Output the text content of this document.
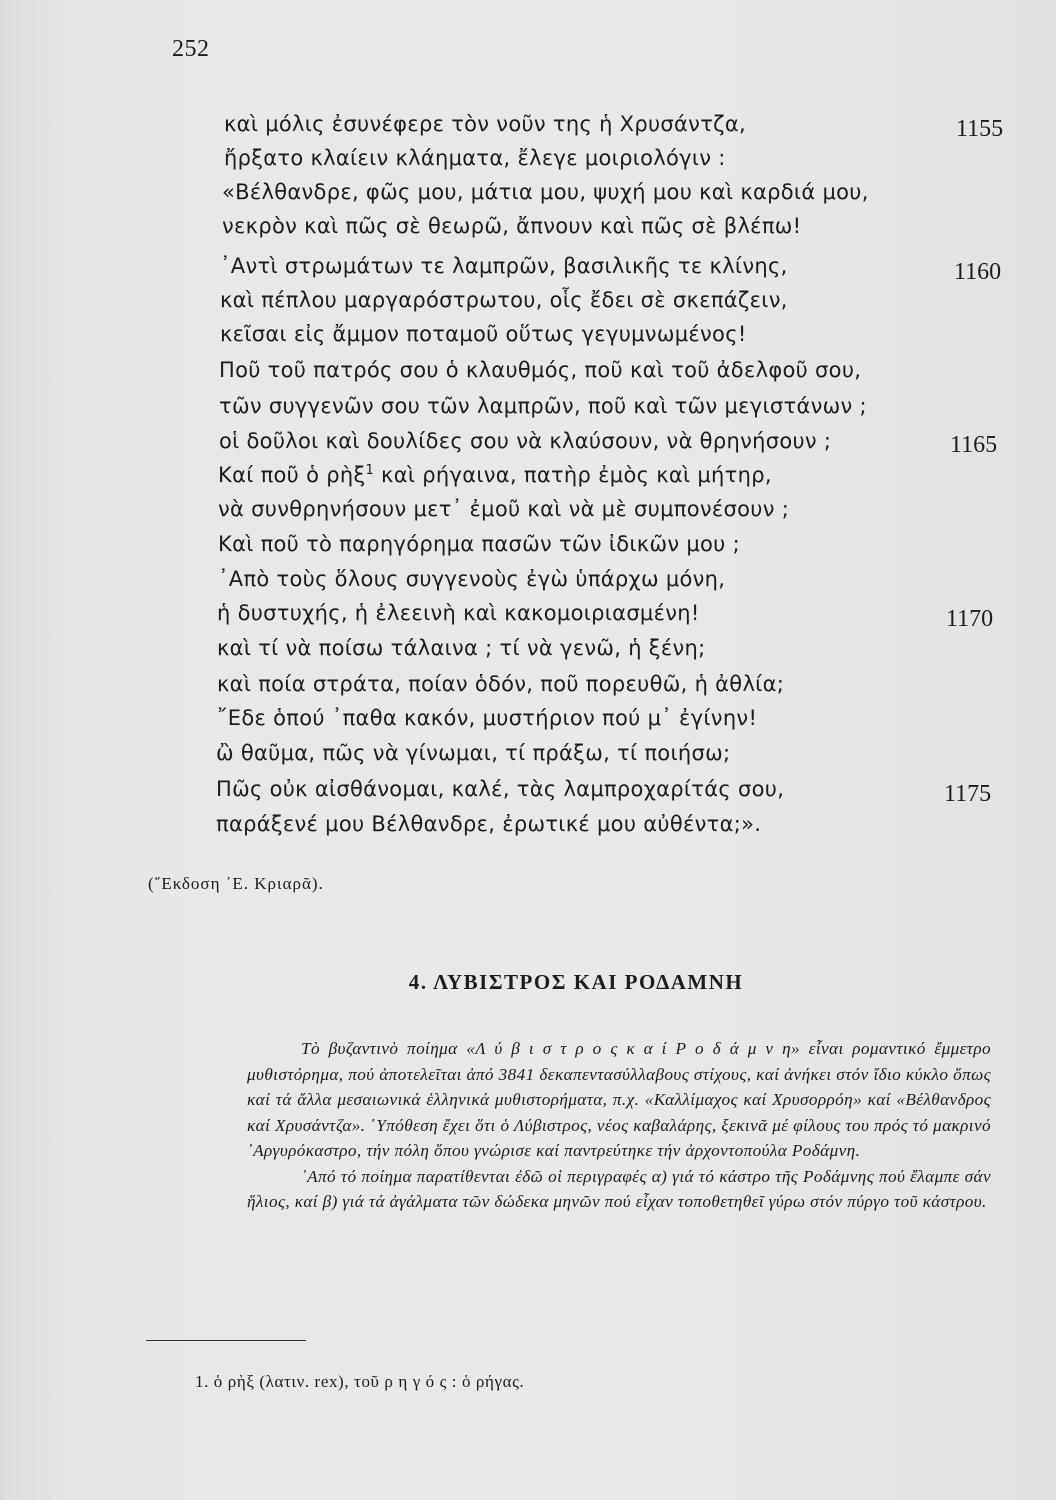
252
καὶ μόλις ἐσυνέφερε τὸν νοῦν της ἡ Χρυσάντζα,	1155
ἤρξατο κλαίειν κλάηματα, ἔλεγε μοιριολόγιν :
«Βέλθανδρε, φῶς μου, μάτια μου, ψυχή μου καὶ καρδιά μου,
νεκρὸν καὶ πῶς σὲ θεωρῶ, ἄπνουν καὶ πῶς σὲ βλέπω!
᾿Αντὶ στρωμάτων τε λαμπρῶν, βασιλικῆς τε κλίνης,	1160
καὶ πέπλου μαργαρόστρωτου, οἷς ἔδει σὲ σκεπάζειν,
κεῖσαι εἰς ἄμμον ποταμοῦ οὕτως γεγυμνωμένος!
Ποῦ τοῦ πατρός σου ὁ κλαυθμός, ποῦ καὶ τοῦ ἀδελφοῦ σου,
τῶν συγγενῶν σου τῶν λαμπρῶν, ποῦ καὶ τῶν μεγιστάνων ;
οἱ δοῦλοι καὶ δουλίδες σου νὰ κλαύσουν, νὰ θρηνήσουν ;	1165
Καί ποῦ ὁ ρὴξ$^1$ καὶ ρήγαινα, πατὴρ ἐμὸς καὶ μήτηρ,
νὰ συνθρηνήσουν μετ᾿ ἐμοῦ καὶ νὰ μὲ συμπονέσουν ;
Καὶ ποῦ τὸ παρηγόρημα πασῶν τῶν ἰδικῶν μου ;
᾿Απὸ τοὺς ὅλους συγγενοὺς ἐγὼ ὑπάρχω μόνη,
ἡ δυστυχής, ἡ ἐλεεινὴ καὶ κακομοιριασμένη!	1170
καὶ τί νὰ ποίσω τάλαινα ; τί νὰ γενῶ, ἡ ξένη;
καὶ ποία στράτα, ποίαν ὁδόν, ποῦ πορευθῶ, ἡ ἀθλία;
῎Εδε ὁπού ᾿παθα κακόν, μυστήριον πού μ᾿ ἐγίνην!
ὢ θαῦμα, πῶς νὰ γίνωμαι, τί πράξω, τί ποιήσω;
Πῶς οὐκ αἰσθάνομαι, καλέ, τὰς λαμπροχαρίτάς σου,	1175
παράξενέ μου Βέλθανδρε, ἐρωτικέ μου αὐθέντα;».
(῎Εκδοση ᾿Ε. Κριαρᾶ).
4. ΛΥΒΙΣΤΡΟΣ ΚΑΙ ΡΟΔΑΜΝΗ

Τὸ βυζαντινὸ ποίημα «Λ ύ β ι σ τ ρ ο ς κ α ί Ρ ο δ ά μ ν η» εἶναι ρομαντικό ἔμμετρο μυθιστόρημα, πού ἀποτελεῖται ἀπό 3841 δεκαπεντασύλλαβους στίχους, καί ἀνήκει στόν ἴδιο κύκλο ὅπως καί τά ἄλλα μεσαιωνικά ἑλληνικά μυθιστορήματα, π.χ. «Καλλίμαχος καί Χρυσορρόη» καί «Βέλθανδρος καί Χρυσάντζα». ῾Υπόθεση ἔχει ὅτι ὁ Λύβιστρος, νέος καβαλάρης, ξεκινᾶ μέ φίλους του πρός τό μακρινό ᾿Αργυρόκαστρο, τήν πόλη ὅπου γνώρισε καί παντρεύτηκε τήν ἀρχοντοπούλα Ροδάμνη.

᾿Από τό ποίημα παρατίθενται ἐδῶ οἱ περιγραφές α) γιά τό κάστρο τῆς Ροδάμνης πού ἔλαμπε σάν ἥλιος, καί β) γιά τά ἀγάλματα τῶν δώδεκα μηνῶν πού εἶχαν τοποθετηθεῖ γύρω στόν πύργο τοῦ κάστρου.

1. ὁ ρὴξ (λατιν. rex), τοῦ ρ η γ ό ς : ὁ ρήγας.
